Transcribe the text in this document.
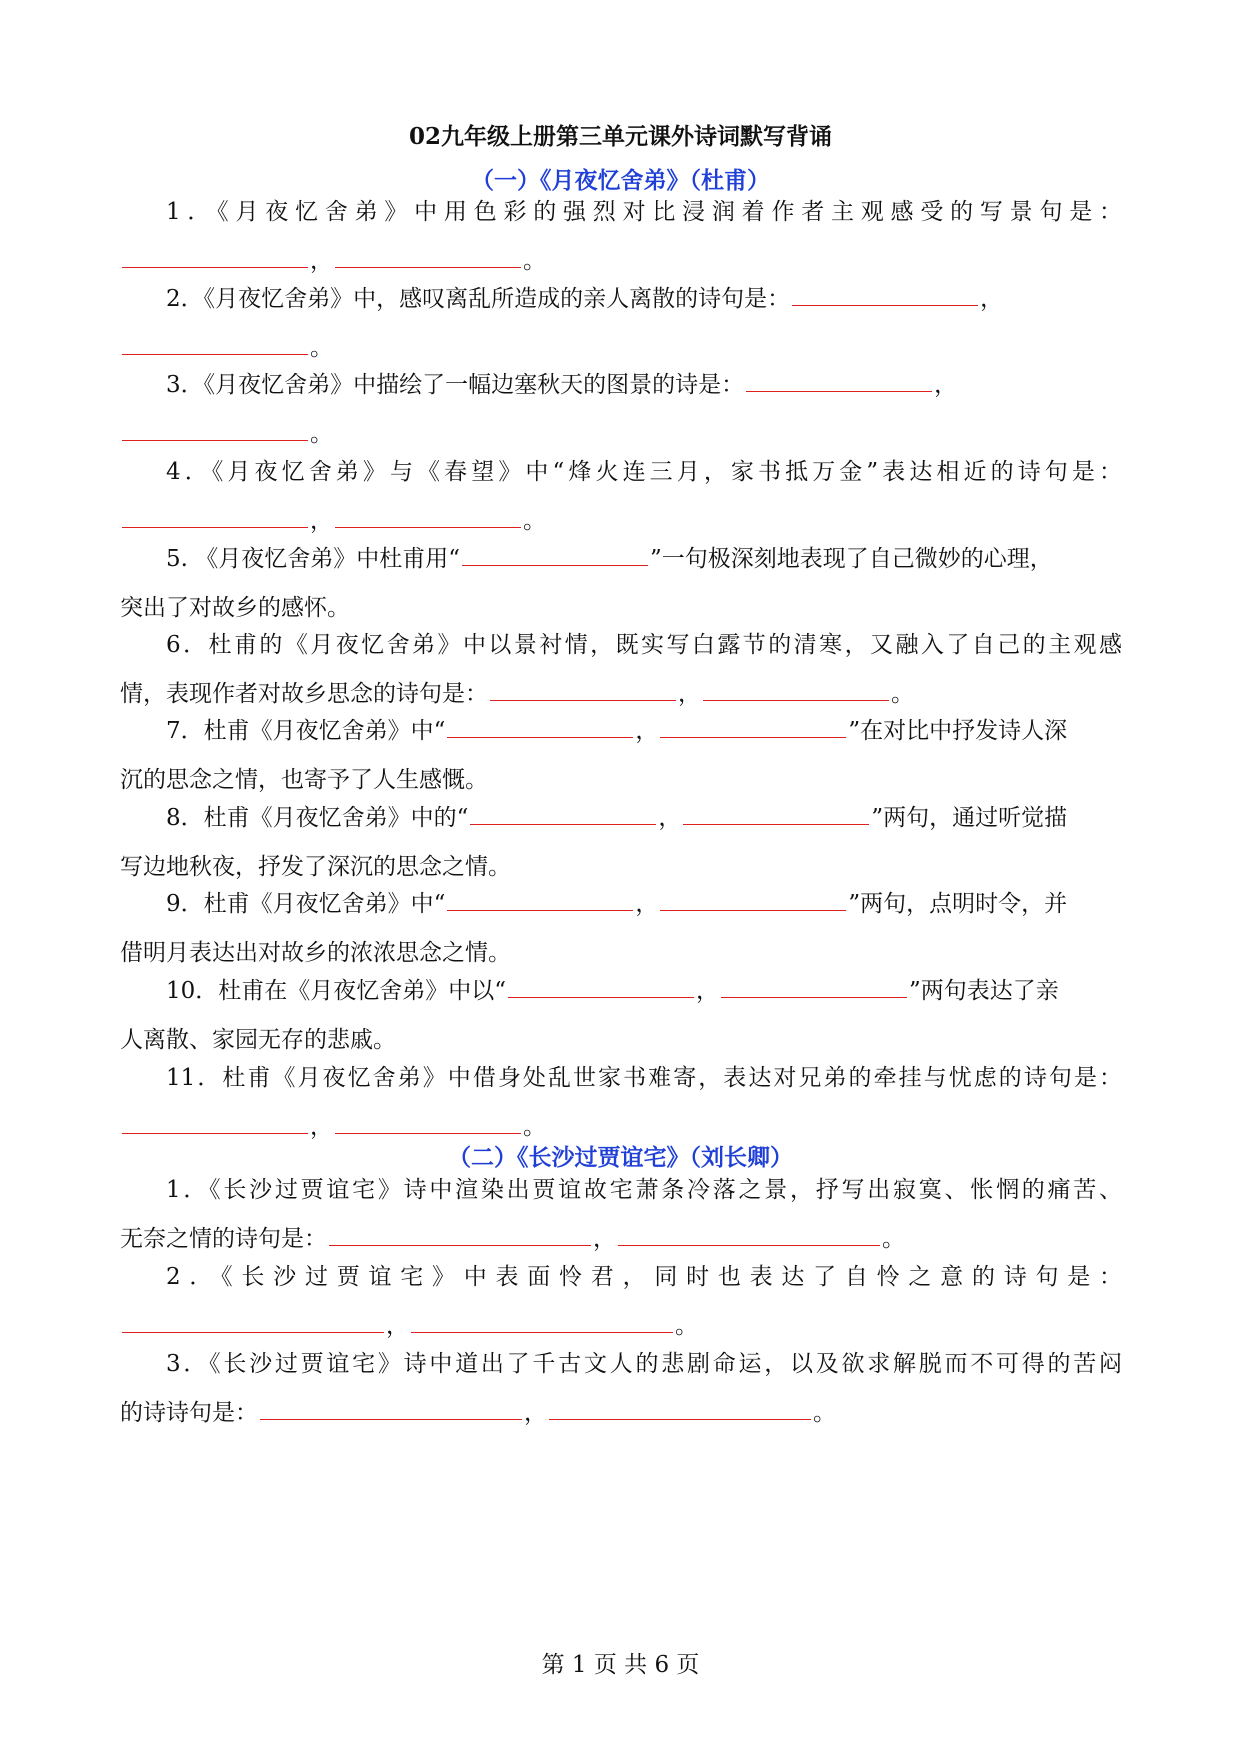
02九年级上册第三单元课外诗词默写背诵
（一）《月夜忆舍弟》（杜甫）
1．《月夜忆舍弟》中用色彩的强烈对比浸润着作者主观感受的写景句是：
，	。
2．《月夜忆舍弟》中，感叹离乱所造成的亲人离散的诗句是：	，
。
3．《月夜忆舍弟》中描绘了一幅边塞秋天的图景的诗是：	，
。
4．《月夜忆舍弟》与《春望》中“烽火连三月，家书抵万金”表达相近的诗句是：
，	。
5. 《月夜忆舍弟》中杜甫用“	”一句极深刻地表现了自己微妙的心理，
突出了对故乡的感怀。
6．杜甫的《月夜忆舍弟》中以景衬情，既实写白露节的清寒，又融入了自己的主观感
情，表现作者对故乡思念的诗句是：	，	。
7．杜甫《月夜忆舍弟》中“	，	”在对比中抒发诗人深
沉的思念之情，也寄予了人生感慨。
8．杜甫《月夜忆舍弟》中的“	，	”两句，通过听觉描
写边地秋夜，抒发了深沉的思念之情。
9．杜甫《月夜忆舍弟》中“	，	”两句，点明时令，并
借明月表达出对故乡的浓浓思念之情。
10．杜甫在《月夜忆舍弟》中以“	，	”两句表达了亲
人离散、家园无存的悲戚。
11．杜甫《月夜忆舍弟》中借身处乱世家书难寄，表达对兄弟的牵挂与忧虑的诗句是：
，	。
（二）《长沙过贾谊宅》（刘长卿）
1．《长沙过贾谊宅》诗中渲染出贾谊故宅萧条冷落之景，抒写出寂寞、怅惘的痛苦、
无奈之情的诗句是：	，	。
2．《长沙过贾谊宅》中表面怜君，同时也表达了自怜之意的诗句是：
，	。
3．《长沙过贾谊宅》诗中道出了千古文人的悲剧命运，以及欲求解脱而不可得的苦闷
的诗诗句是：	，	。
第 1 页 共 6 页
